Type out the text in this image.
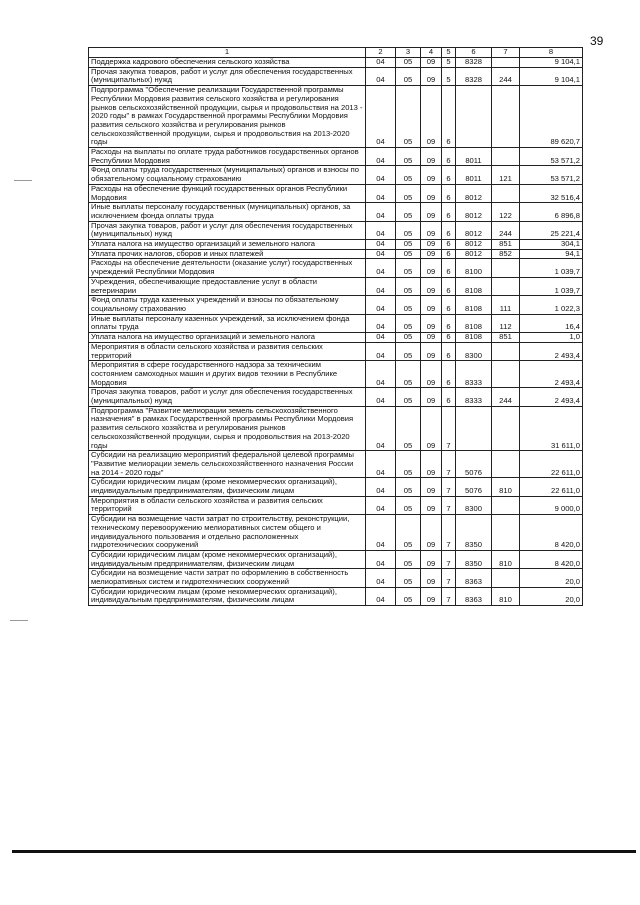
39
1	2	3	4	5	6	7	8
Поддержка кадрового обеспечения сельского хозяйства	04	05	09	5	8328		9 104,1
Прочая закупка товаров, работ и услуг для обеспечения государственных (муниципальных) нужд	04	05	09	5	8328	244	9 104,1
Подпрограмма "Обеспечение реализации Государственной программы Республики Мордовия развития сельского хозяйства и регулирования рынков сельскохозяйственной продукции, сырья и продовольствия на 2013 - 2020 годы" в рамках Государственной программы Республики Мордовия развития сельского хозяйства и регулирования рынков сельскохозяйственной продукции, сырья и продовольствия на 2013-2020 годы	04	05	09	6			89 620,7
Расходы на выплаты по оплате труда работников государственных органов Республики Мордовия	04	05	09	6	8011		53 571,2
Фонд оплаты труда государственных (муниципальных) органов и взносы по обязательному социальному страхованию	04	05	09	6	8011	121	53 571,2
Расходы на обеспечение функций государственных органов Республики Мордовия	04	05	09	6	8012		32 516,4
Иные выплаты персоналу государственных (муниципальных) органов, за исключением фонда оплаты труда	04	05	09	6	8012	122	6 896,8
Прочая закупка товаров, работ и услуг для обеспечения государственных (муниципальных) нужд	04	05	09	6	8012	244	25 221,4
Уплата налога на имущество организаций и земельного налога	04	05	09	6	8012	851	304,1
Уплата прочих налогов, сборов и иных платежей	04	05	09	6	8012	852	94,1
Расходы на обеспечение деятельности (оказание услуг) государственных учреждений Республики Мордовия	04	05	09	6	8100		1 039,7
Учреждения, обеспечивающие предоставление услуг в области ветеринарии	04	05	09	6	8108		1 039,7
Фонд оплаты труда казенных учреждений и взносы по обязательному социальному страхованию	04	05	09	6	8108	111	1 022,3
Иные выплаты персоналу казенных учреждений, за исключением фонда оплаты труда	04	05	09	6	8108	112	16,4
Уплата налога на имущество организаций и земельного налога	04	05	09	6	8108	851	1,0
Мероприятия в области сельского хозяйства и развития сельских территорий	04	05	09	6	8300		2 493,4
Мероприятия в сфере государственного надзора за техническим состоянием самоходных машин и других видов техники в Республике Мордовия	04	05	09	6	8333		2 493,4
Прочая закупка товаров, работ и услуг для обеспечения государственных (муниципальных) нужд	04	05	09	6	8333	244	2 493,4
Подпрограмма "Развитие мелиорации земель сельскохозяйственного назначения" в рамках Государственной программы Республики Мордовия развития сельского хозяйства и регулирования рынков сельскохозяйственной продукции, сырья и продовольствия на 2013-2020 годы	04	05	09	7			31 611,0
Субсидии на реализацию мероприятий федеральной целевой программы "Развитие мелиорации земель сельскохозяйственного назначения России на 2014 - 2020 годы"	04	05	09	7	5076		22 611,0
Субсидии юридическим лицам (кроме некоммерческих организаций), индивидуальным предпринимателям, физическим лицам	04	05	09	7	5076	810	22 611,0
Мероприятия в области сельского хозяйства и развития сельских территорий	04	05	09	7	8300		9 000,0
Субсидии на возмещение части затрат по строительству, реконструкции, техническому перевооружению мелиоративных систем общего и индивидуального пользования и отдельно расположенных гидротехнических сооружений	04	05	09	7	8350		8 420,0
Субсидии юридическим лицам (кроме некоммерческих организаций), индивидуальным предпринимателям, физическим лицам	04	05	09	7	8350	810	8 420,0
Субсидии на возмещение части затрат по оформлению в собственность мелиоративных систем и гидротехнических сооружений	04	05	09	7	8363		20,0
Субсидии юридическим лицам (кроме некоммерческих организаций), индивидуальным предпринимателям, физическим лицам	04	05	09	7	8363	810	20,0
